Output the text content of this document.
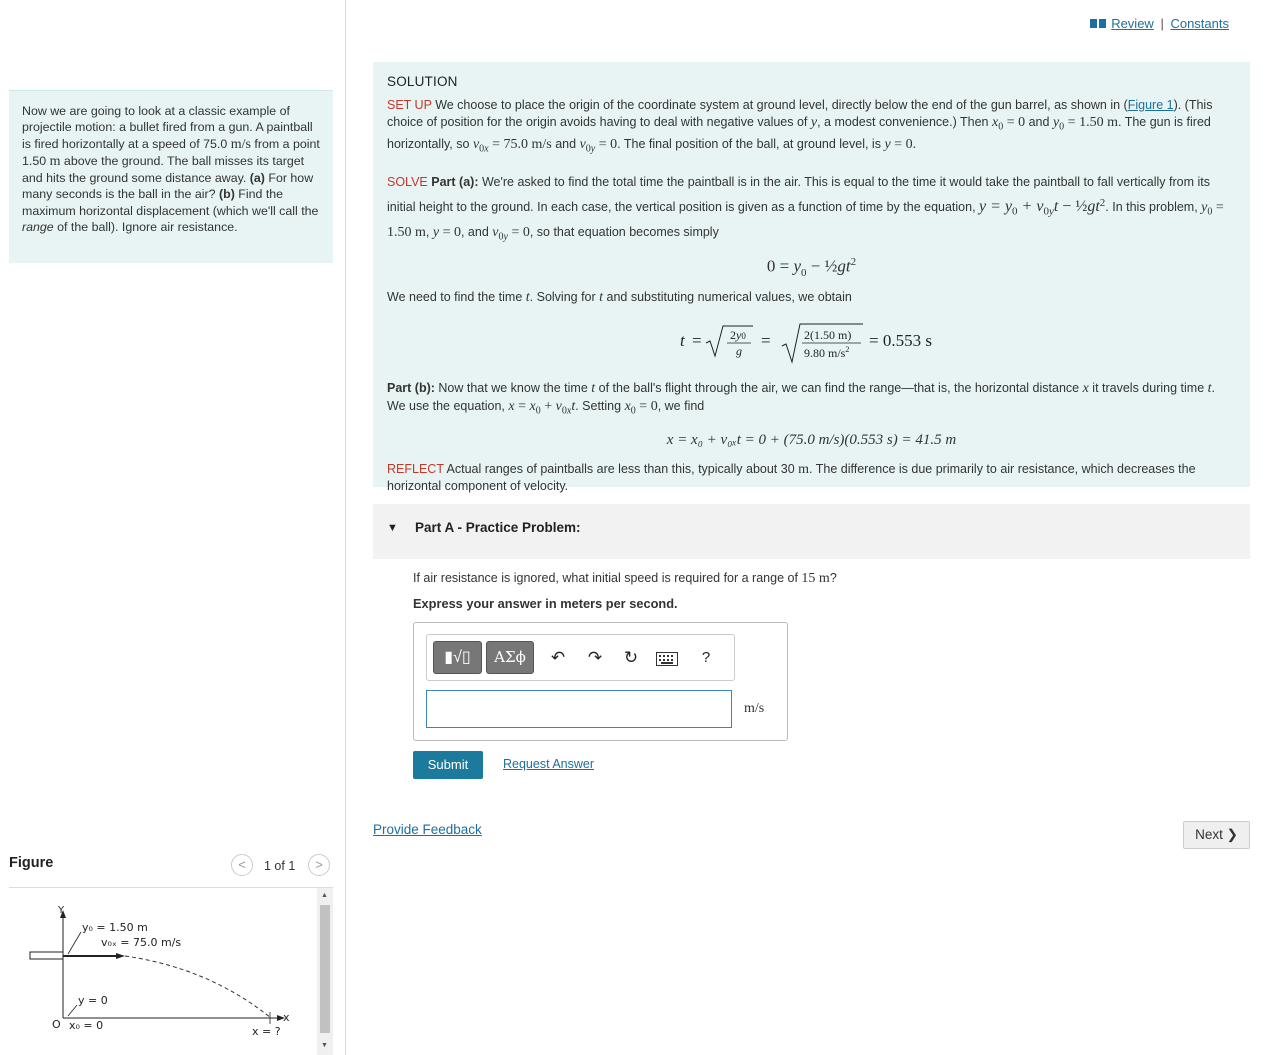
Now we are going to look at a classic example of projectile motion: a bullet fired from a gun. A paintball is fired horizontally at a speed of 75.0 m/s from a point 1.50 m above the ground. The ball misses its target and hits the ground some distance away. (a) For how many seconds is the ball in the air? (b) Find the maximum horizontal displacement (which we'll call the range of the ball). Ignore air resistance.
Figure	<	1 of 1	>
Y
x
O
y₀ = 1.50 m
v₀ₓ = 75.0 m/s
y = 0
x₀ = 0	x = ?
▲
▼
Review | Constants
SOLUTION

SET UP We choose to place the origin of the coordinate system at ground level, directly below the end of the gun barrel, as shown in (Figure 1). (This choice of position for the origin avoids having to deal with negative values of y, a modest convenience.) Then $x_0 = 0$ and $y_0 = 1.50$ m. The gun is fired horizontally, so $v_{0x} = 75.0$ m/s and $v_{0y} = 0$. The final position of the ball, at ground level, is y = 0.

SOLVE Part (a): We're asked to find the total time the paintball is in the air. This is equal to the time it would take the paintball to fall vertically from its initial height to the ground. In each case, the vertical position is given as a function of time by the equation, $y = y_0 + v_{0y}t$ − $\frac{1}{2}gt^2$. In this problem, $y_0 = 1.50$ m, y = 0, and $v_{0y} = 0$, so that equation becomes simply

$0 = y_0$ − $\frac{1}{2}gt^2$

We need to find the time t. Solving for t and substituting numerical values, we obtain

t = 2y0
g
=	2(1.50 m)
9.80 $m/s^2 = 0.553$ s

Part (b): Now that we know the time t of the ball's flight through the air, we can find the range—that is, the horizontal distance x it travels during time t. We use the equation, $x = x_0 + v_{0x}t$. Setting $x_0 = 0$, we find

x = x₀ + v₀ₓt = 0 + (75.0 m/s)(0.553 s) = 41.5 m

REFLECT Actual ranges of paintballs are less than this, typically about 30 m. The difference is due primarily to air resistance, which decreases the horizontal component of velocity.

▼ Part A - Practice Problem:
If air resistance is ignored, what initial speed is required for a range of 15 m?
Express your answer in meters per second.
▮√▯	ΑΣϕ	↶ ↷ ↻	?
m/s
Submit	Request Answer
Provide Feedback	Next ❯
